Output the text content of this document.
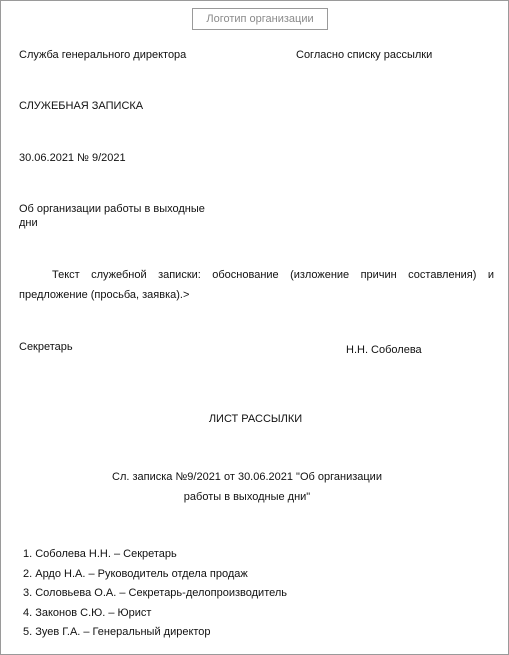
Логотип организации
Служба генерального директора	Согласно списку рассылки
СЛУЖЕБНАЯ ЗАПИСКА
30.06.2021 № 9/2021
Об организации работы в выходные дни
Текст служебной записки: обоснование (изложение причин составления) и предложение (просьба, заявка).>
Секретарь	Н.Н. Соболева
ЛИСТ РАССЫЛКИ
Сл. записка №9/2021 от 30.06.2021 "Об организации работы в выходные дни"
1. Соболева Н.Н. – Секретарь
2. Ардо Н.А. – Руководитель отдела продаж
3. Соловьева О.А. – Секретарь-делопроизводитель
4. Законов С.Ю. – Юрист
5. Зуев Г.А. – Генеральный директор
